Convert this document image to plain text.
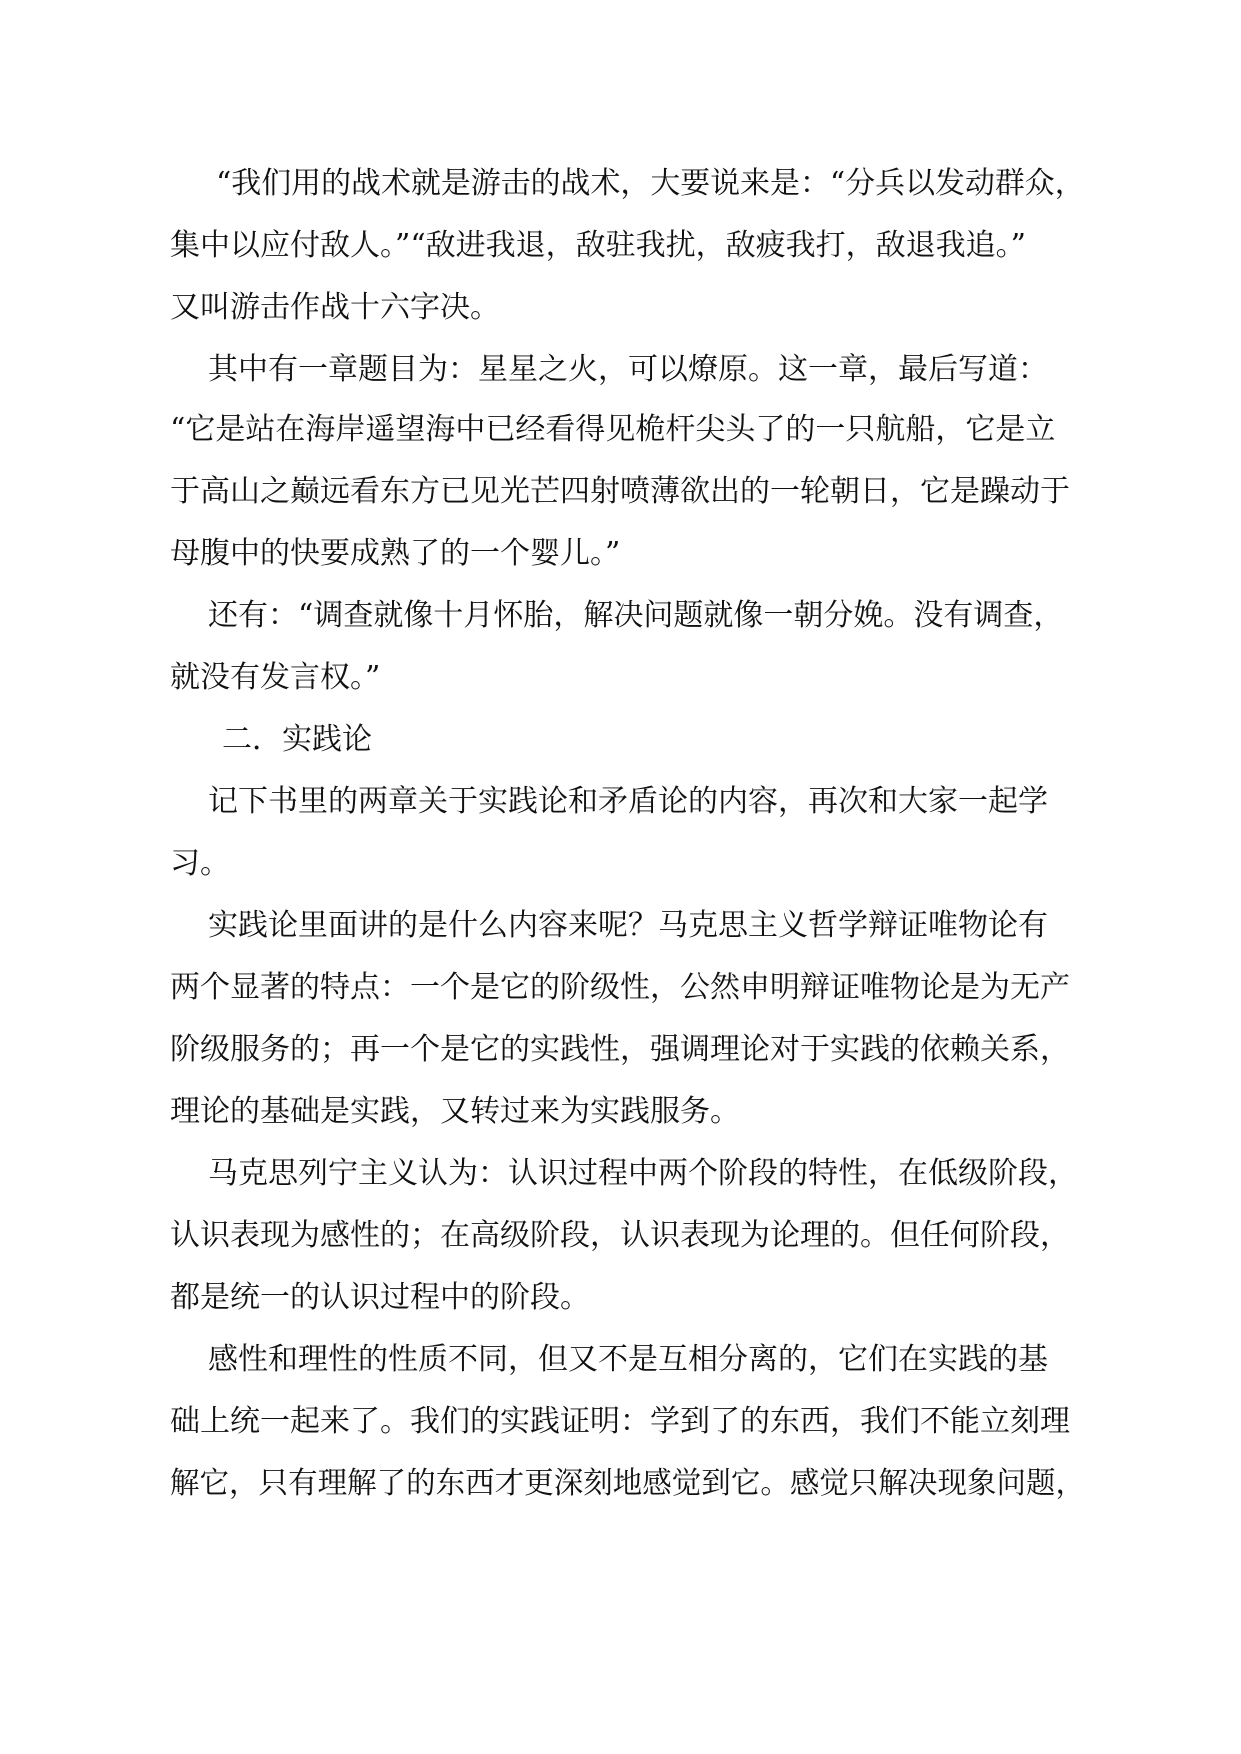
“我们用的战术就是游击的战术，大要说来是：“分兵以发动群众，
集中以应付敌人。”“敌进我退，敌驻我扰，敌疲我打，敌退我追。”
又叫游击作战十六字决。
其中有一章题目为：星星之火，可以燎原。这一章，最后写道：
“它是站在海岸遥望海中已经看得见桅杆尖头了的一只航船，它是立
于高山之巅远看东方已见光芒四射喷薄欲出的一轮朝日，它是躁动于
母腹中的快要成熟了的一个婴儿。”
还有：“调查就像十月怀胎，解决问题就像一朝分娩。没有调查，
就没有发言权。”
二．实践论
记下书里的两章关于实践论和矛盾论的内容，再次和大家一起学
习。
实践论里面讲的是什么内容来呢？马克思主义哲学辩证唯物论有
两个显著的特点：一个是它的阶级性，公然申明辩证唯物论是为无产
阶级服务的；再一个是它的实践性，强调理论对于实践的依赖关系，
理论的基础是实践，又转过来为实践服务。
马克思列宁主义认为：认识过程中两个阶段的特性，在低级阶段，
认识表现为感性的；在高级阶段，认识表现为论理的。但任何阶段，
都是统一的认识过程中的阶段。
感性和理性的性质不同，但又不是互相分离的，它们在实践的基
础上统一起来了。我们的实践证明：学到了的东西，我们不能立刻理
解它，只有理解了的东西才更深刻地感觉到它。感觉只解决现象问题，
